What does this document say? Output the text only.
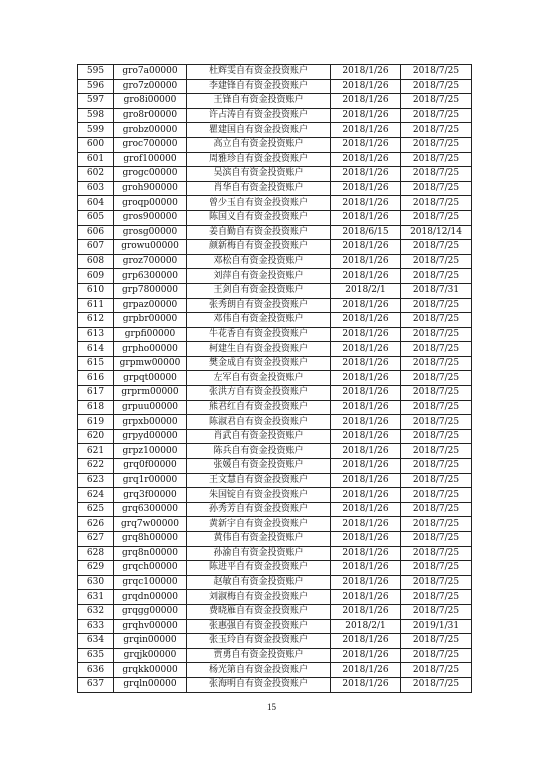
595	gro7a00000	杜辉雯自有资金投资账户	2018/1/26	2018/7/25
596	gro7z00000	李建锋自有资金投资账户	2018/1/26	2018/7/25
597	gro8i00000	王锋自有资金投资账户	2018/1/26	2018/7/25
598	gro8r00000	许占涛自有资金投资账户	2018/1/26	2018/7/25
599	grobz00000	瞿建国自有资金投资账户	2018/1/26	2018/7/25
600	groc700000	高立自有资金投资账户	2018/1/26	2018/7/25
601	grof100000	周雅珍自有资金投资账户	2018/1/26	2018/7/25
602	grogc00000	吴滨自有资金投资账户	2018/1/26	2018/7/25
603	groh900000	肖华自有资金投资账户	2018/1/26	2018/7/25
604	groqp00000	曾少玉自有资金投资账户	2018/1/26	2018/7/25
605	gros900000	陈国义自有资金投资账户	2018/1/26	2018/7/25
606	grosg00000	姜自勤自有资金投资账户	2018/6/15	2018/12/14
607	growu00000	颜新梅自有资金投资账户	2018/1/26	2018/7/25
608	groz700000	邓松自有资金投资账户	2018/1/26	2018/7/25
609	grp6300000	刘萍自有资金投资账户	2018/1/26	2018/7/25
610	grp7800000	王剑自有资金投资账户	2018/2/1	2018/7/31
611	grpaz00000	张秀朗自有资金投资账户	2018/1/26	2018/7/25
612	grpbr00000	邓伟自有资金投资账户	2018/1/26	2018/7/25
613	grpfi00000	牛花香自有资金投资账户	2018/1/26	2018/7/25
614	grpho00000	柯建生自有资金投资账户	2018/1/26	2018/7/25
615	grpmw00000	樊金成自有资金投资账户	2018/1/26	2018/7/25
616	grpqt00000	左军自有资金投资账户	2018/1/26	2018/7/25
617	grprm00000	张洪方自有资金投资账户	2018/1/26	2018/7/25
618	grpuu00000	熊君红自有资金投资账户	2018/1/26	2018/7/25
619	grpxb00000	陈淑君自有资金投资账户	2018/1/26	2018/7/25
620	grpyd00000	肖武自有资金投资账户	2018/1/26	2018/7/25
621	grpz100000	陈兵自有资金投资账户	2018/1/26	2018/7/25
622	grq0f00000	张媛自有资金投资账户	2018/1/26	2018/7/25
623	grq1r00000	王文慧自有资金投资账户	2018/1/26	2018/7/25
624	grq3f00000	朱国锭自有资金投资账户	2018/1/26	2018/7/25
625	grq6300000	孙秀芳自有资金投资账户	2018/1/26	2018/7/25
626	grq7w00000	黄新宇自有资金投资账户	2018/1/26	2018/7/25
627	grq8h00000	黄伟自有资金投资账户	2018/1/26	2018/7/25
628	grq8n00000	孙渝自有资金投资账户	2018/1/26	2018/7/25
629	grqch00000	陈进平自有资金投资账户	2018/1/26	2018/7/25
630	grqc100000	赵敏自有资金投资账户	2018/1/26	2018/7/25
631	grqdn00000	刘淑梅自有资金投资账户	2018/1/26	2018/7/25
632	grqgg00000	费晓雁自有资金投资账户	2018/1/26	2018/7/25
633	grqhv00000	张惠强自有资金投资账户	2018/2/1	2019/1/31
634	grqin00000	张玉玲自有资金投资账户	2018/1/26	2018/7/25
635	grqjk00000	贾勇自有资金投资账户	2018/1/26	2018/7/25
636	grqkk00000	杨光第自有资金投资账户	2018/1/26	2018/7/25
637	grqln00000	张海明自有资金投资账户	2018/1/26	2018/7/25
15
